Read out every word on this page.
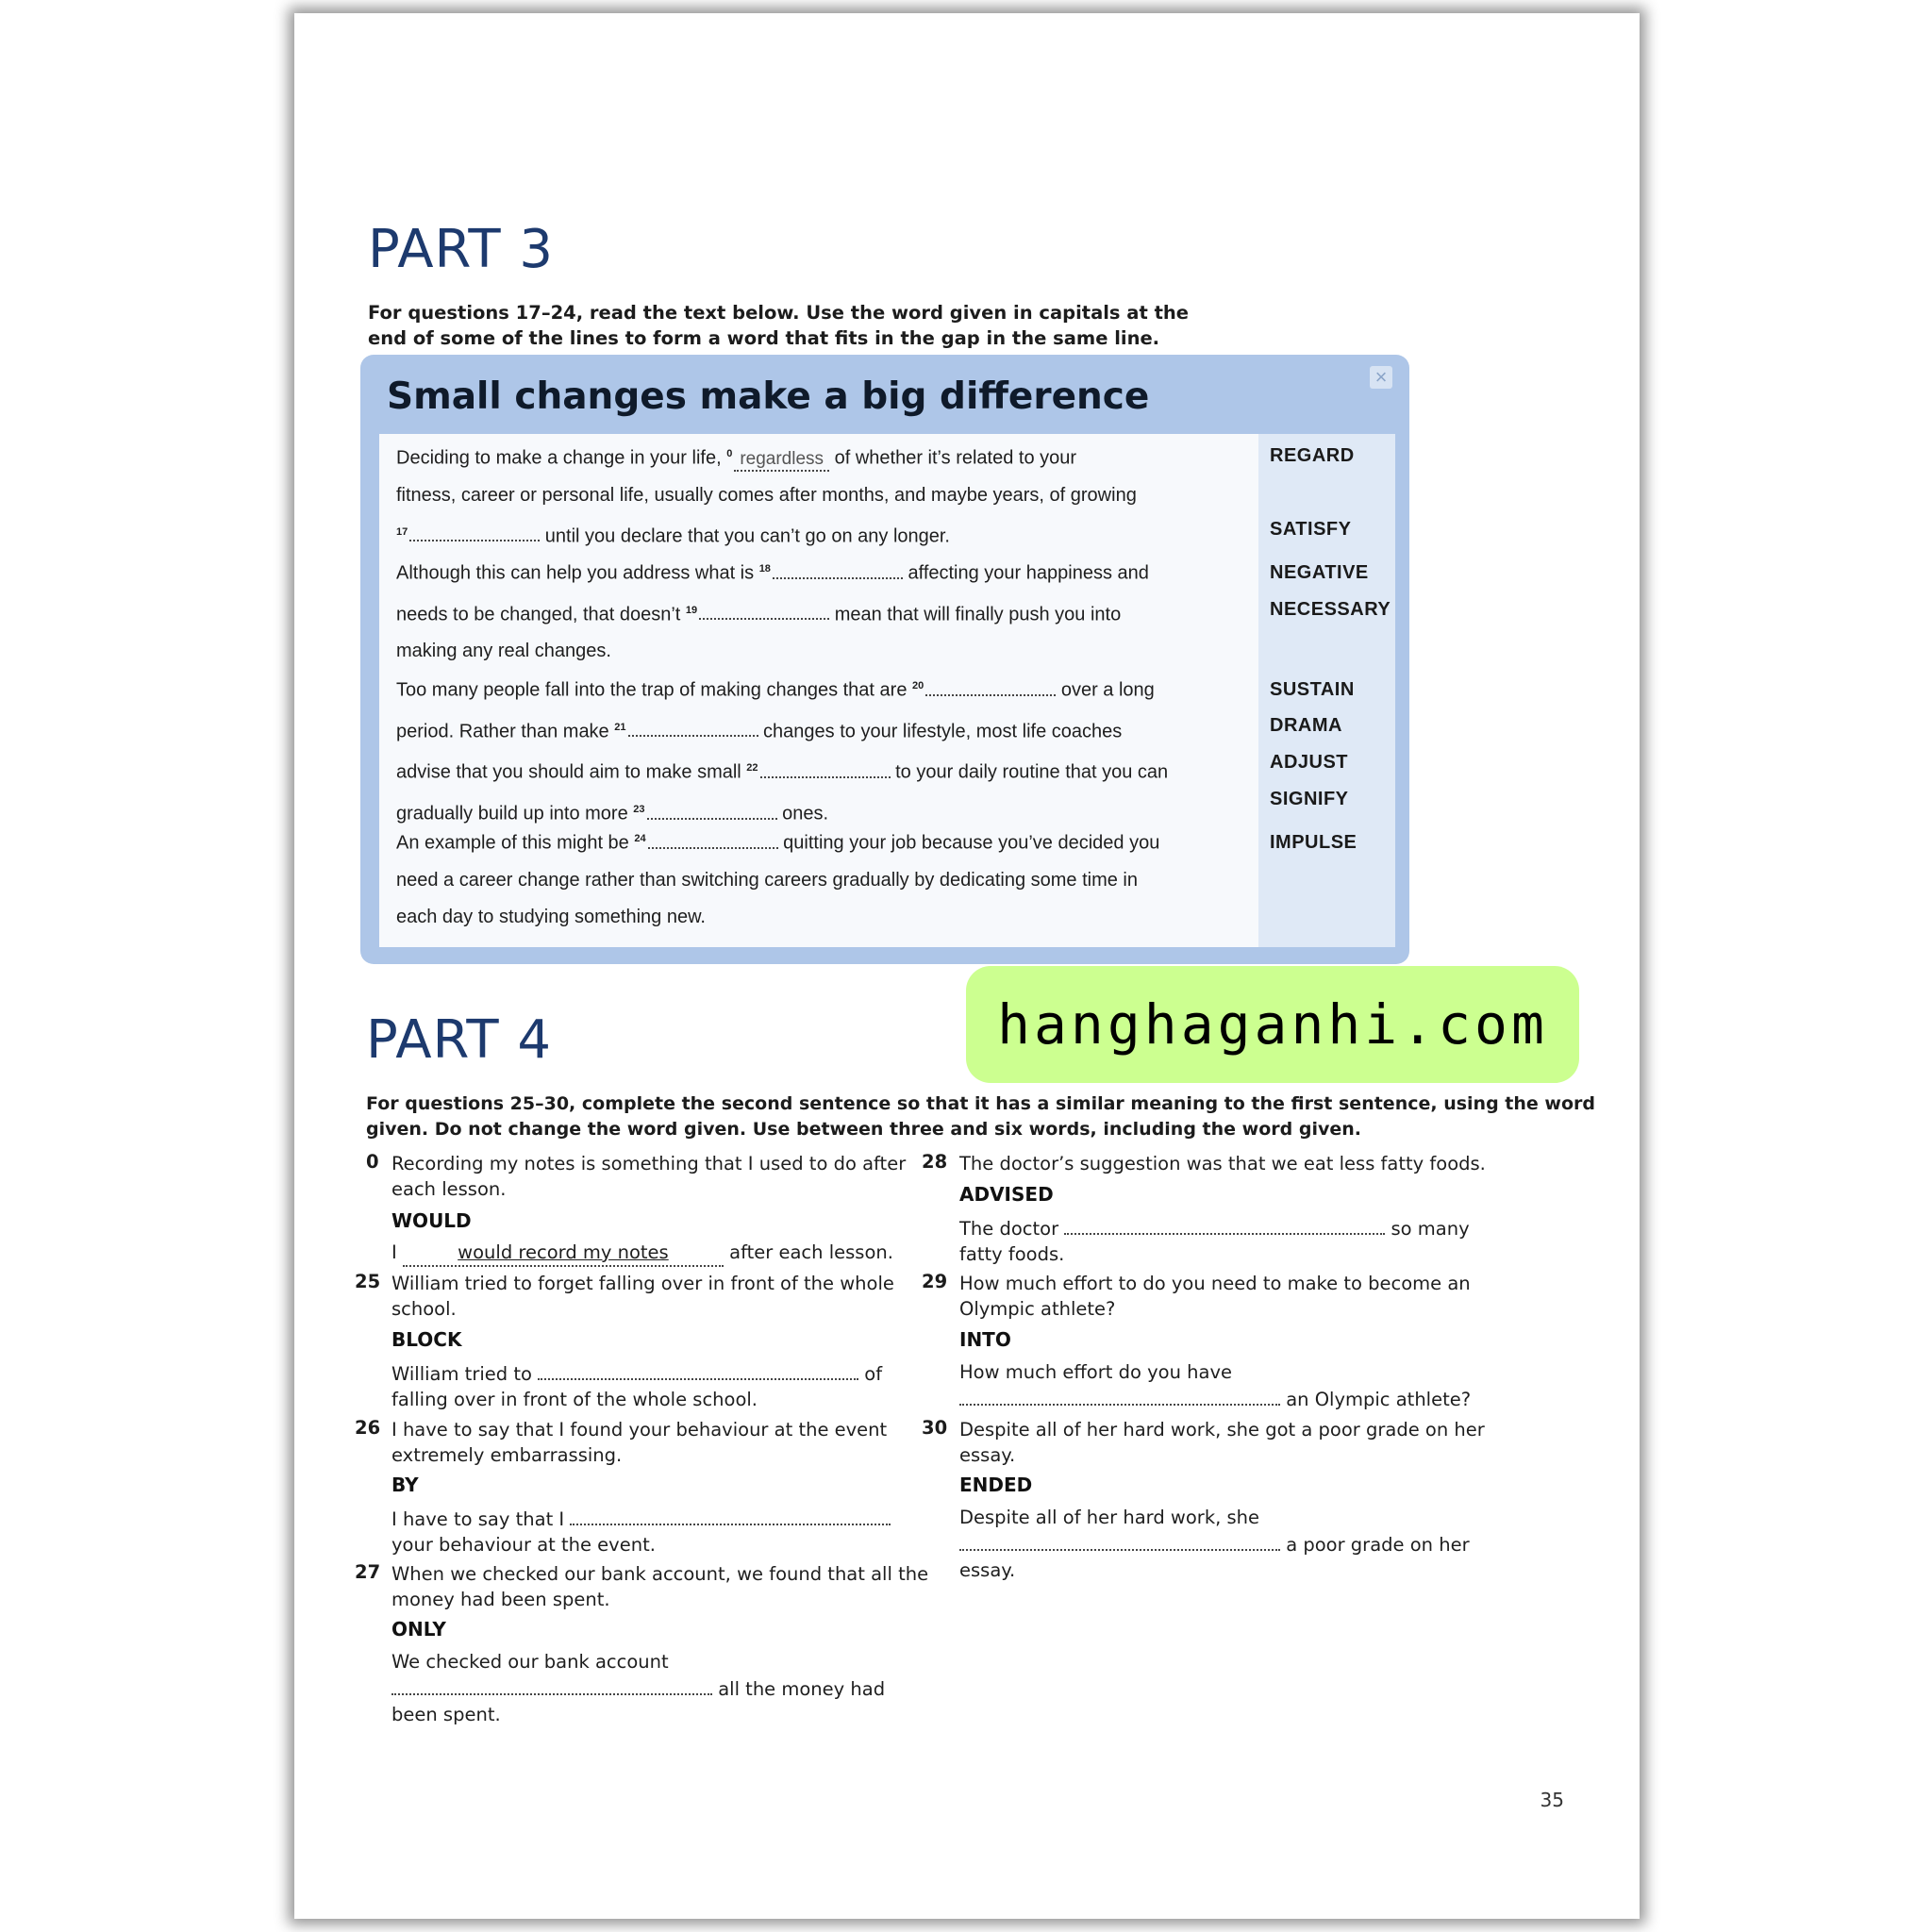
PART 3

For questions 17–24, read the text below. Use the word given in capitals at the
end of some of the lines to form a word that fits in the gap in the same line.

Small changes make a big difference	×
Deciding to make a change in your life, $^0$ regardless of whether it’s related to your
fitness, career or personal life, usually comes after months, and maybe years, of growing
$^{17}$	until you declare that you can’t go on any longer.
Although this can help you address what is $^{18}$	affecting your happiness and
needs to be changed, that doesn’t $^{19}$	mean that will finally push you into
making any real changes.
Too many people fall into the trap of making changes that are $^{20}$	over a long
period. Rather than make $^{21}$	changes to your lifestyle, most life coaches
advise that you should aim to make small $^{22}$	to your daily routine that you can
gradually build up into more $^{23}$	ones.
An example of this might be $^{24}$	quitting your job because you’ve decided you
need a career change rather than switching careers gradually by dedicating some time in
each day to studying something new.
REGARD
SATISFY
NEGATIVE
NECESSARY
SUSTAIN
DRAMA
ADJUST
SIGNIFY
IMPULSE
PART 4

For questions 25–30, complete the second sentence so that it has a similar meaning to the first sentence, using the word
given. Do not change the word given. Use between three and six words, including the word given.

0 Recording my notes is something that I used to do after
each lesson.
WOULD
I	would record my notes	after each lesson.
25 William tried to forget falling over in front of the whole
school.
BLOCK
William tried to	of
falling over in front of the whole school.
26 I have to say that I found your behaviour at the event
extremely embarrassing.
BY
I have to say that I
your behaviour at the event.
27 When we checked our bank account, we found that all the
money had been spent.
ONLY
We checked our bank account
all the money had
been spent.
28 The doctor’s suggestion was that we eat less fatty foods.
ADVISED
The doctor	so many
fatty foods.
29 How much effort to do you need to make to become an
Olympic athlete?
INTO
How much effort do you have
an Olympic athlete?
30 Despite all of her hard work, she got a poor grade on her
essay.
ENDED
Despite all of her hard work, she
a poor grade on her
essay.
35
hanghaganhi.com
